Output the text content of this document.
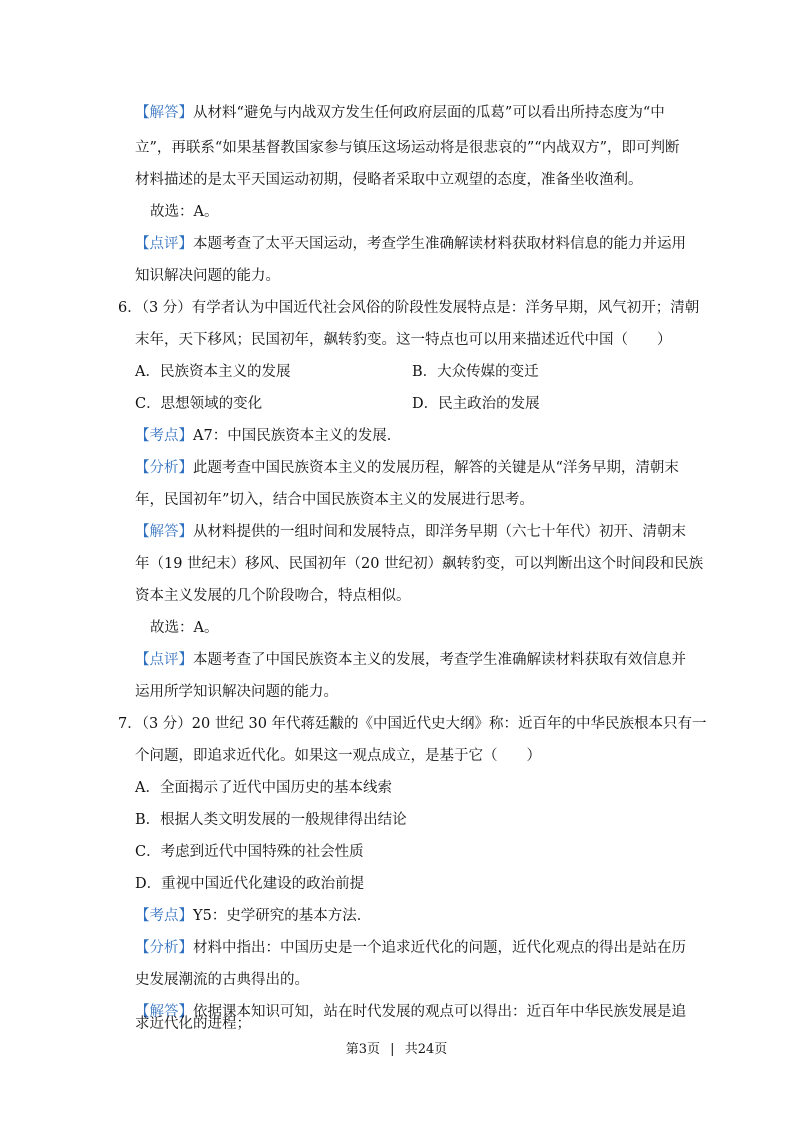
【解答】从材料“避免与内战双方发生任何政府层面的瓜葛”可以看出所持态度为“中
立”，再联系“如果基督教国家参与镇压这场运动将是很悲哀的”“内战双方”，即可判断
材料描述的是太平天国运动初期，侵略者采取中立观望的态度，准备坐收渔利。
故选：A。
【点评】本题考查了太平天国运动，考查学生准确解读材料获取材料信息的能力并运用
知识解决问题的能力。
6．（3 分）有学者认为中国近代社会风俗的阶段性发展特点是：洋务早期，风气初开；清朝
末年，天下移风；民国初年，飙转豹变。这一特点也可以用来描述近代中国（　　）
A．民族资本主义的发展	B．大众传媒的变迁
C．思想领域的变化	D．民主政治的发展
【考点】A7：中国民族资本主义的发展．
【分析】此题考查中国民族资本主义的发展历程，解答的关键是从“洋务早期，清朝末
年，民国初年”切入，结合中国民族资本主义的发展进行思考。
【解答】从材料提供的一组时间和发展特点，即洋务早期（六七十年代）初开、清朝末
年（19 世纪末）移风、民国初年（20 世纪初）飙转豹变，可以判断出这个时间段和民族
资本主义发展的几个阶段吻合，特点相似。
故选：A。
【点评】本题考查了中国民族资本主义的发展，考查学生准确解读材料获取有效信息并
运用所学知识解决问题的能力。
7．（3 分）20 世纪 30 年代蒋廷黻的《中国近代史大纲》称：近百年的中华民族根本只有一
个问题，即追求近代化。如果这一观点成立，是基于它（　　）
A．全面揭示了近代中国历史的基本线索
B．根据人类文明发展的一般规律得出结论
C．考虑到近代中国特殊的社会性质
D．重视中国近代化建设的政治前提
【考点】Y5：史学研究的基本方法．
【分析】材料中指出：中国历史是一个追求近代化的问题，近代化观点的得出是站在历
史发展潮流的古典得出的。
【解答】依据课本知识可知，站在时代发展的观点可以得出：近百年中华民族发展是追
第3页 | 共24页
求近代化的进程；
